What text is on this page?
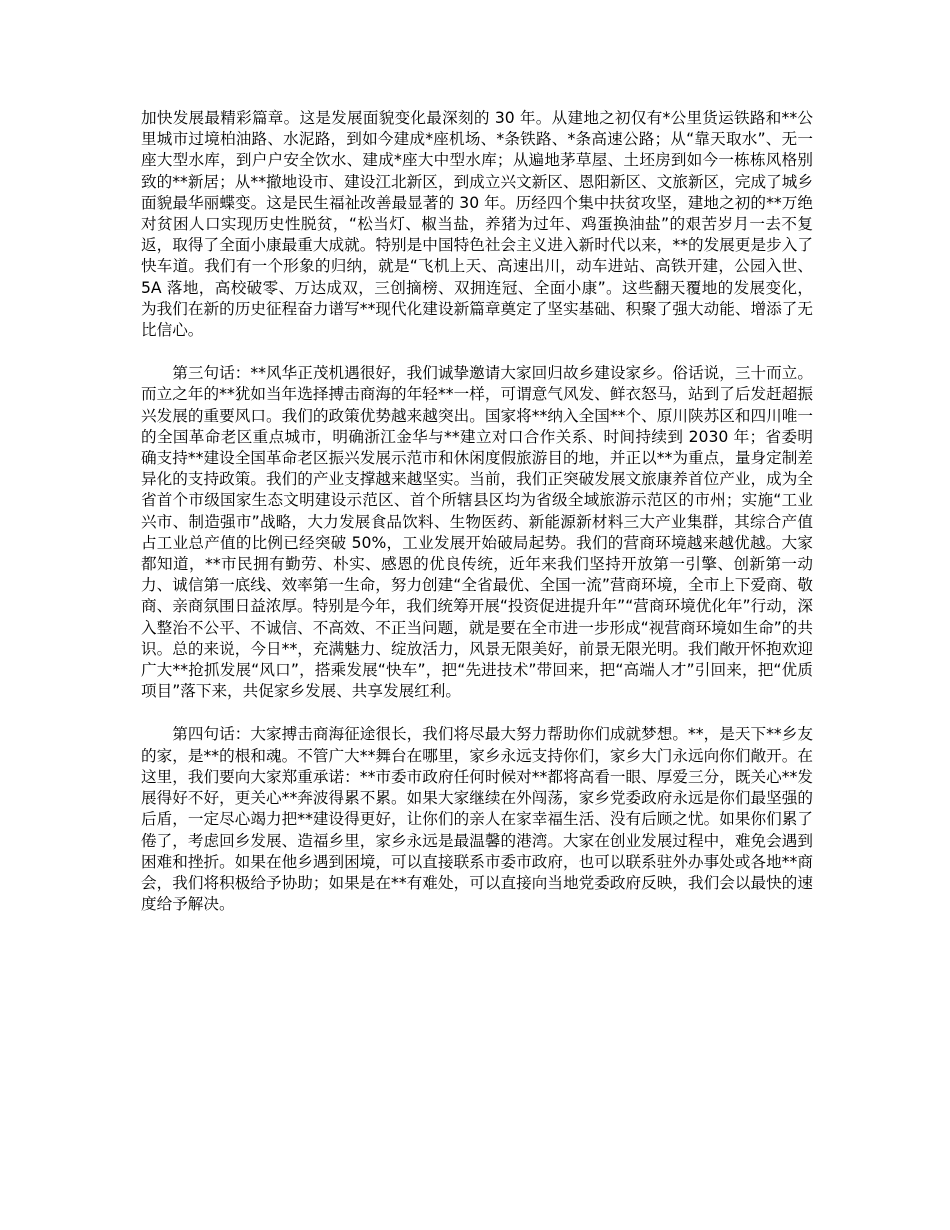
加快发展最精彩篇章。这是发展面貌变化最深刻的 30 年。从建地之初仅有*公里货运铁路和**公里城市过境柏油路、水泥路，到如今建成*座机场、*条铁路、*条高速公路；从“靠天取水”、无一座大型水库，到户户安全饮水、建成*座大中型水库；从遍地茅草屋、土坯房到如今一栋栋风格别致的**新居；从**撤地设市、建设江北新区，到成立兴文新区、恩阳新区、文旅新区，完成了城乡面貌最华丽蝶变。这是民生福祉改善最显著的 30 年。历经四个集中扶贫攻坚，建地之初的**万绝对贫困人口实现历史性脱贫，“松当灯、椒当盐，养猪为过年、鸡蛋换油盐”的艰苦岁月一去不复返，取得了全面小康最重大成就。特别是中国特色社会主义进入新时代以来，**的发展更是步入了快车道。我们有一个形象的归纳，就是“飞机上天、高速出川，动车进站、高铁开建，公园入世、5A 落地，高校破零、万达成双，三创摘榜、双拥连冠、全面小康”。这些翻天覆地的发展变化，为我们在新的历史征程奋力谱写**现代化建设新篇章奠定了坚实基础、积聚了强大动能、增添了无比信心。

第三句话：**风华正茂机遇很好，我们诚挚邀请大家回归故乡建设家乡。俗话说，三十而立。而立之年的**犹如当年选择搏击商海的年轻**一样，可谓意气风发、鲜衣怒马，站到了后发赶超振兴发展的重要风口。我们的政策优势越来越突出。国家将**纳入全国**个、原川陕苏区和四川唯一的全国革命老区重点城市，明确浙江金华与**建立对口合作关系、时间持续到 2030 年；省委明确支持**建设全国革命老区振兴发展示范市和休闲度假旅游目的地，并正以**为重点，量身定制差异化的支持政策。我们的产业支撑越来越坚实。当前，我们正突破发展文旅康养首位产业，成为全省首个市级国家生态文明建设示范区、首个所辖县区均为省级全域旅游示范区的市州；实施“工业兴市、制造强市”战略，大力发展食品饮料、生物医药、新能源新材料三大产业集群，其综合产值占工业总产值的比例已经突破 50%，工业发展开始破局起势。我们的营商环境越来越优越。大家都知道，**市民拥有勤劳、朴实、感恩的优良传统，近年来我们坚持开放第一引擎、创新第一动力、诚信第一底线、效率第一生命，努力创建“全省最优、全国一流”营商环境，全市上下爱商、敬商、亲商氛围日益浓厚。特别是今年，我们统筹开展“投资促进提升年”“营商环境优化年”行动，深入整治不公平、不诚信、不高效、不正当问题，就是要在全市进一步形成“视营商环境如生命”的共识。总的来说，今日**，充满魅力、绽放活力，风景无限美好，前景无限光明。我们敞开怀抱欢迎广大**抢抓发展“风口”，搭乘发展“快车”，把“先进技术”带回来，把“高端人才”引回来，把“优质项目”落下来，共促家乡发展、共享发展红利。

第四句话：大家搏击商海征途很长，我们将尽最大努力帮助你们成就梦想。**，是天下**乡友的家，是**的根和魂。不管广大**舞台在哪里，家乡永远支持你们，家乡大门永远向你们敞开。在这里，我们要向大家郑重承诺：**市委市政府任何时候对**都将高看一眼、厚爱三分，既关心**发展得好不好，更关心**奔波得累不累。如果大家继续在外闯荡，家乡党委政府永远是你们最坚强的后盾，一定尽心竭力把**建设得更好，让你们的亲人在家幸福生活、没有后顾之忧。如果你们累了倦了，考虑回乡发展、造福乡里，家乡永远是最温馨的港湾。大家在创业发展过程中，难免会遇到困难和挫折。如果在他乡遇到困境，可以直接联系市委市政府，也可以联系驻外办事处或各地**商会，我们将积极给予协助；如果是在**有难处，可以直接向当地党委政府反映，我们会以最快的速度给予解决。
